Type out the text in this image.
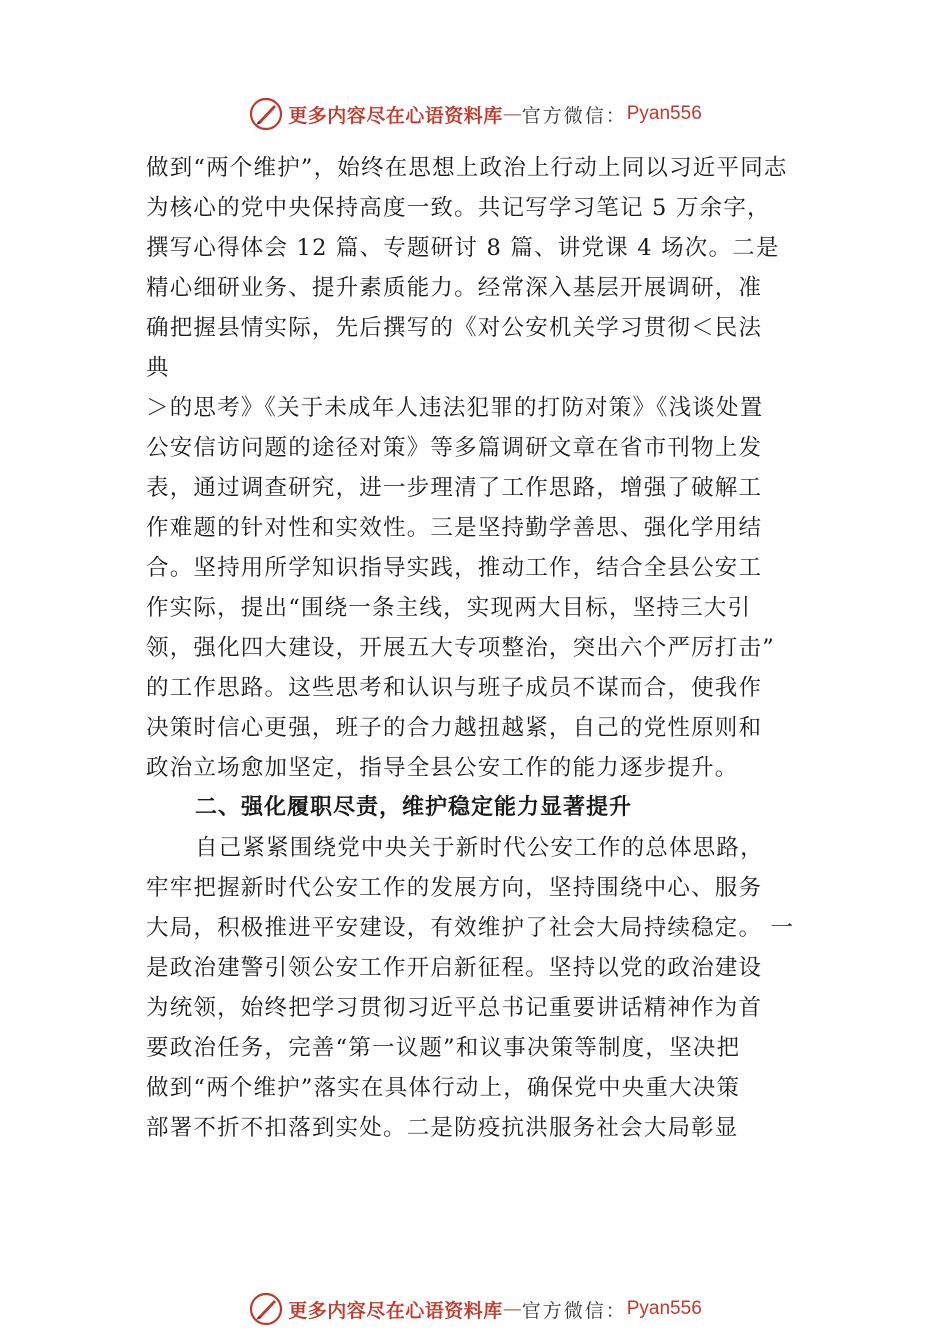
更多内容尽在心语资料库 — 官方微信： Pyan556
做到“两个维护”，始终在思想上政治上行动上同以习近平同志
为核心的党中央保持高度一致。共记写学习笔记 5 万余字，
撰写心得体会 12 篇、专题研讨 8 篇、讲党课 4 场次。二是
精心细研业务、提升素质能力。经常深入基层开展调研，准
确把握县情实际，先后撰写的《对公安机关学习贯彻＜民法
典
＞的思考》《关于未成年人违法犯罪的打防对策》《浅谈处置
公安信访问题的途径对策》等多篇调研文章在省市刊物上发
表，通过调查研究，进一步理清了工作思路，增强了破解工
作难题的针对性和实效性。三是坚持勤学善思、强化学用结
合。坚持用所学知识指导实践，推动工作，结合全县公安工
作实际，提出“围绕一条主线，实现两大目标，坚持三大引
领，强化四大建设，开展五大专项整治，突出六个严厉打击”
的工作思路。这些思考和认识与班子成员不谋而合，使我作
决策时信心更强，班子的合力越扭越紧，自己的党性原则和
政治立场愈加坚定，指导全县公安工作的能力逐步提升。
二、强化履职尽责，维护稳定能力显著提升
自己紧紧围绕党中央关于新时代公安工作的总体思路，
牢牢把握新时代公安工作的发展方向，坚持围绕中心、服务
大局，积极推进平安建设，有效维护了社会大局持续稳定。 一
是政治建警引领公安工作开启新征程。坚持以党的政治建设
为统领，始终把学习贯彻习近平总书记重要讲话精神作为首
要政治任务，完善“第一议题”和议事决策等制度，坚决把
做到“两个维护”落实在具体行动上，确保党中央重大决策
部署不折不扣落到实处。二是防疫抗洪服务社会大局彰显
更多内容尽在心语资料库 — 官方微信： Pyan556
